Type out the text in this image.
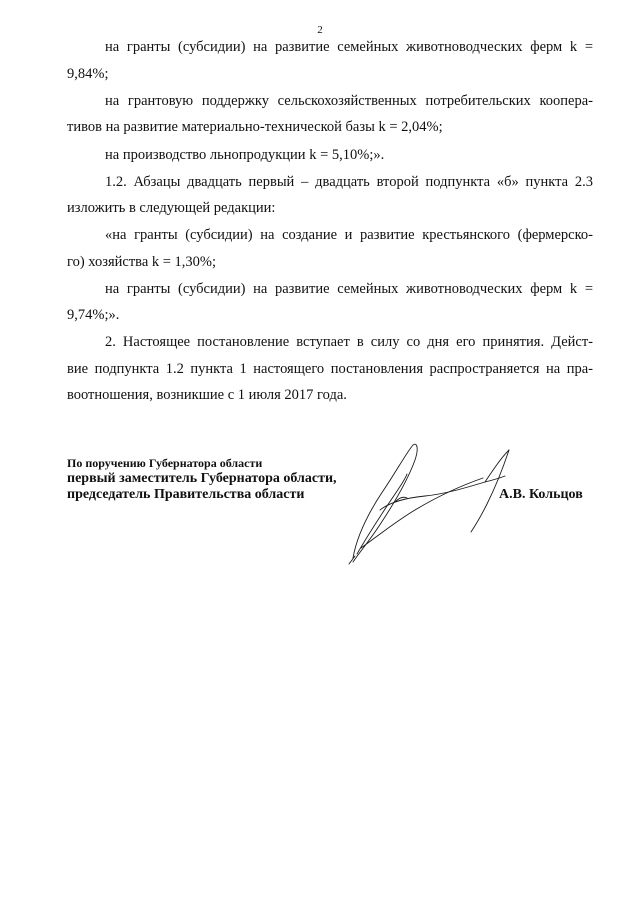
2
на гранты (субсидии) на развитие семейных животноводческих ферм k =
9,84%;
на грантовую поддержку сельскохозяйственных потребительских коопера-
тивов на развитие материально-технической базы k = 2,04%;
на производство льнопродукции k = 5,10%;».
1.2. Абзацы двадцать первый – двадцать второй подпункта «б» пункта 2.3
изложить в следующей редакции:
«на гранты (субсидии) на создание и развитие крестьянского (фермерско-
го) хозяйства k = 1,30%;
на гранты (субсидии) на развитие семейных животноводческих ферм k =
9,74%;».
2. Настоящее постановление вступает в силу со дня его принятия. Дейст-
вие подпункта 1.2 пункта 1 настоящего постановления распространяется на пра-
воотношения, возникшие с 1 июля 2017 года.
По поручению Губернатора области
первый заместитель Губернатора области,
председатель Правительства области	А.В. Кольцов
